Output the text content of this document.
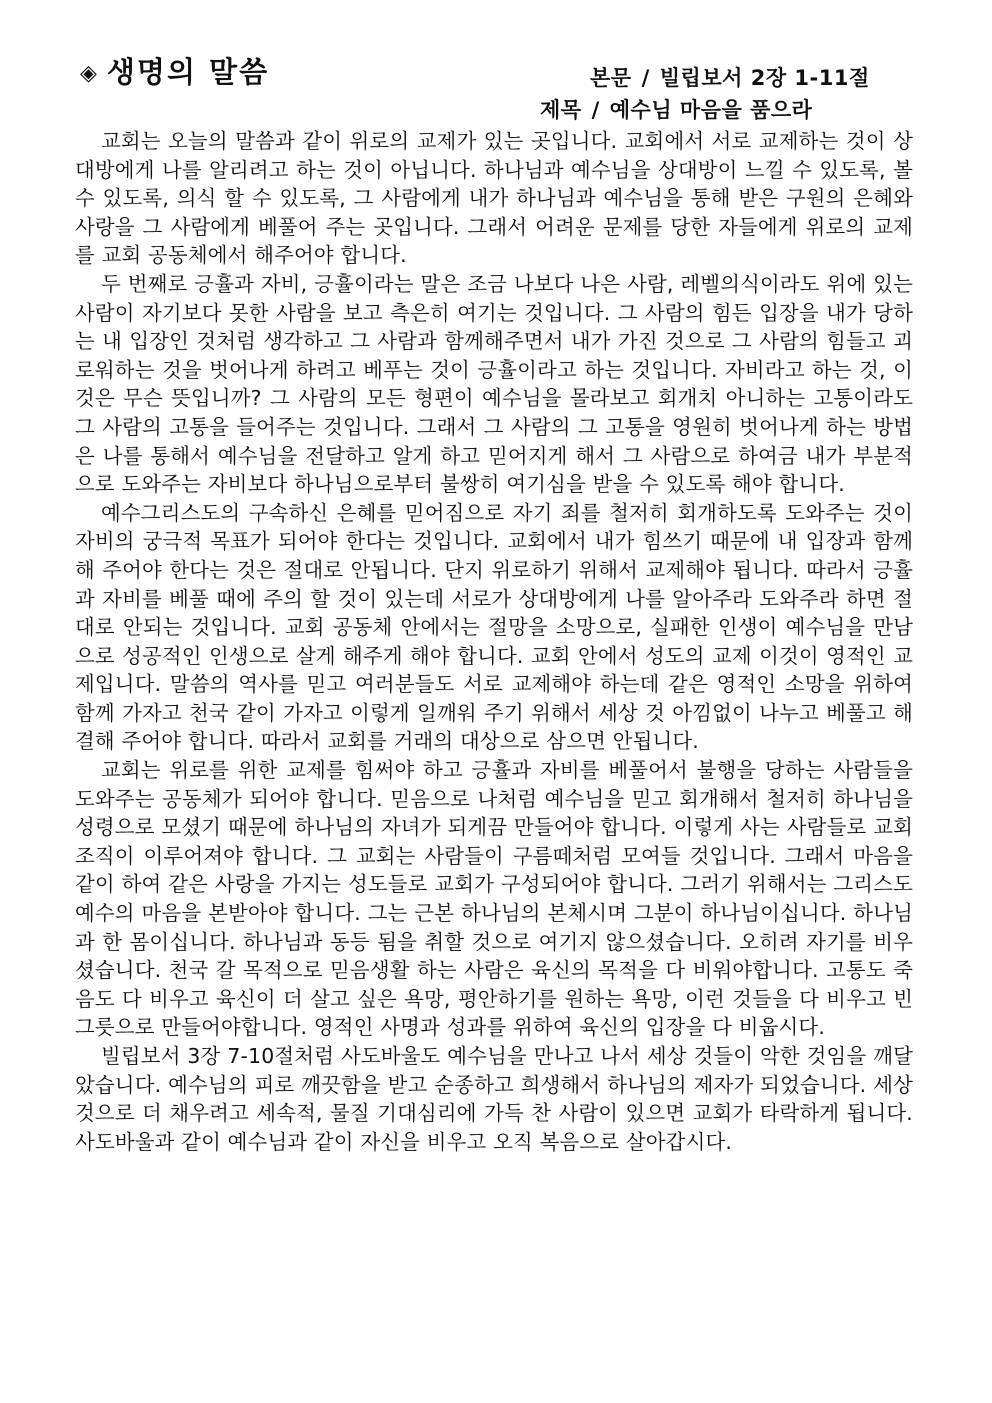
◈ 생명의 말씀	본문 / 빌립보서 2장 1-11절
제목 / 예수님 마음을 품으라

교회는 오늘의 말씀과 같이 위로의 교제가 있는 곳입니다. 교회에서 서로 교제하는 것이 상대방에게 나를 알리려고 하는 것이 아닙니다. 하나님과 예수님을 상대방이 느낄 수 있도록, 볼 수 있도록, 의식 할 수 있도록, 그 사람에게 내가 하나님과 예수님을 통해 받은 구원의 은혜와 사랑을 그 사람에게 베풀어 주는 곳입니다. 그래서 어려운 문제를 당한 자들에게 위로의 교제를 교회 공동체에서 해주어야 합니다.

두 번째로 긍휼과 자비, 긍휼이라는 말은 조금 나보다 나은 사람, 레벨의식이라도 위에 있는 사람이 자기보다 못한 사람을 보고 측은히 여기는 것입니다. 그 사람의 힘든 입장을 내가 당하는 내 입장인 것처럼 생각하고 그 사람과 함께해주면서 내가 가진 것으로 그 사람의 힘들고 괴로워하는 것을 벗어나게 하려고 베푸는 것이 긍휼이라고 하는 것입니다. 자비라고 하는 것, 이것은 무슨 뜻입니까? 그 사람의 모든 형편이 예수님을 몰라보고 회개치 아니하는 고통이라도 그 사람의 고통을 들어주는 것입니다. 그래서 그 사람의 그 고통을 영원히 벗어나게 하는 방법은 나를 통해서 예수님을 전달하고 알게 하고 믿어지게 해서 그 사람으로 하여금 내가 부분적으로 도와주는 자비보다 하나님으로부터 불쌍히 여기심을 받을 수 있도록 해야 합니다.

예수그리스도의 구속하신 은혜를 믿어짐으로 자기 죄를 철저히 회개하도록 도와주는 것이 자비의 궁극적 목표가 되어야 한다는 것입니다. 교회에서 내가 힘쓰기 때문에 내 입장과 함께 해 주어야 한다는 것은 절대로 안됩니다. 단지 위로하기 위해서 교제해야 됩니다. 따라서 긍휼과 자비를 베풀 때에 주의 할 것이 있는데 서로가 상대방에게 나를 알아주라 도와주라 하면 절대로 안되는 것입니다. 교회 공동체 안에서는 절망을 소망으로, 실패한 인생이 예수님을 만남으로 성공적인 인생으로 살게 해주게 해야 합니다. 교회 안에서 성도의 교제 이것이 영적인 교제입니다. 말씀의 역사를 믿고 여러분들도 서로 교제해야 하는데 같은 영적인 소망을 위하여 함께 가자고 천국 같이 가자고 이렇게 일깨워 주기 위해서 세상 것 아낌없이 나누고 베풀고 해결해 주어야 합니다. 따라서 교회를 거래의 대상으로 삼으면 안됩니다.

교회는 위로를 위한 교제를 힘써야 하고 긍휼과 자비를 베풀어서 불행을 당하는 사람들을 도와주는 공동체가 되어야 합니다. 믿음으로 나처럼 예수님을 믿고 회개해서 철저히 하나님을 성령으로 모셨기 때문에 하나님의 자녀가 되게끔 만들어야 합니다. 이렇게 사는 사람들로 교회 조직이 이루어져야 합니다. 그 교회는 사람들이 구름떼처럼 모여들 것입니다. 그래서 마음을 같이 하여 같은 사랑을 가지는 성도들로 교회가 구성되어야 합니다. 그러기 위해서는 그리스도 예수의 마음을 본받아야 합니다. 그는 근본 하나님의 본체시며 그분이 하나님이십니다. 하나님과 한 몸이십니다. 하나님과 동등 됨을 취할 것으로 여기지 않으셨습니다. 오히려 자기를 비우셨습니다. 천국 갈 목적으로 믿음생활 하는 사람은 육신의 목적을 다 비워야합니다. 고통도 죽음도 다 비우고 육신이 더 살고 싶은 욕망, 평안하기를 원하는 욕망, 이런 것들을 다 비우고 빈 그릇으로 만들어야합니다. 영적인 사명과 성과를 위하여 육신의 입장을 다 비웁시다.

빌립보서 3장 7-10절처럼 사도바울도 예수님을 만나고 나서 세상 것들이 악한 것임을 깨달았습니다. 예수님의 피로 깨끗함을 받고 순종하고 희생해서 하나님의 제자가 되었습니다. 세상 것으로 더 채우려고 세속적, 물질 기대심리에 가득 찬 사람이 있으면 교회가 타락하게 됩니다. 사도바울과 같이 예수님과 같이 자신을 비우고 오직 복음으로 살아갑시다.
